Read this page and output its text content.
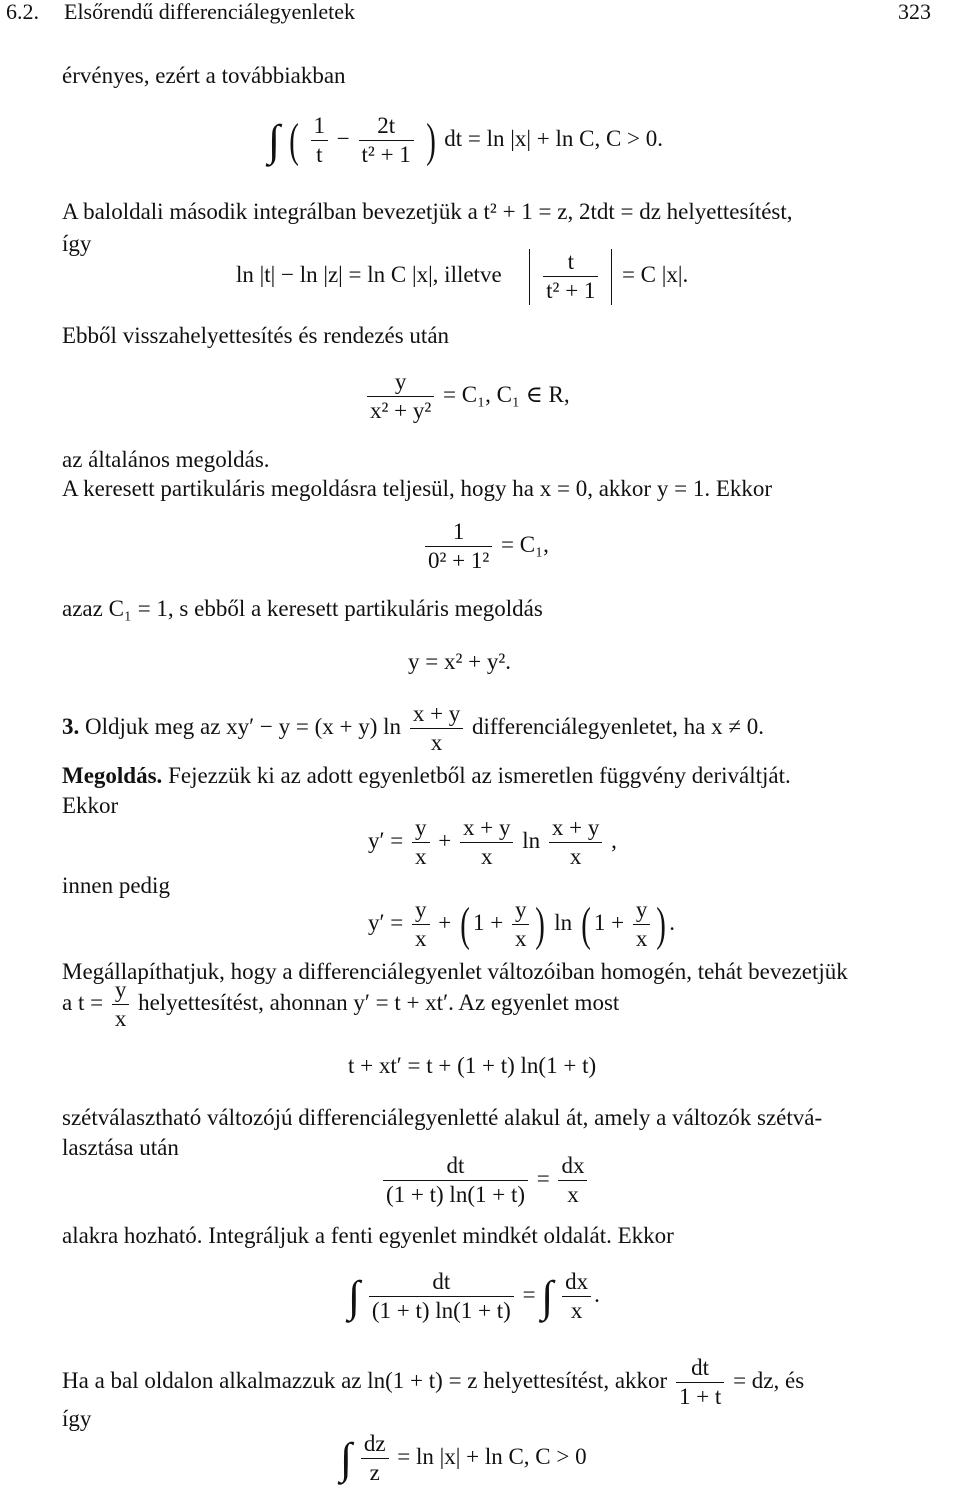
6.2. Elsőrendű differenciálegyenletek	323
érvényes, ezért a továbbiakban
∫ ( $\frac{1}{t} - \frac{2t}{\text{t² + 1}}$ ) dt = ln |x| + ln C, C > 0.
A baloldali második integrálban bevezetjük a t² + 1 = z, 2tdt = dz helyettesítést,
így
ln |t| − ln |z| = ln C |x|, illetve $\frac{t}{\text{t² + 1}} = C$ |x|.
Ebből visszahelyettesítés és rendezés után
$\frac{y}{\text{x² + y²}} = C_1$, C₁ ∈ R,
az általános megoldás.
A keresett partikuláris megoldásra teljesül, hogy ha x = 0, akkor y = 1. Ekkor
$\frac{1}{\text{0² + 1²}} = C_1$,
azaz C₁ = 1, s ebből a keresett partikuláris megoldás
y = x² + y².
3. Oldjuk meg az xy′ − y = (x + y) $\ln \frac{x + y}{x}$ differenciálegyenletet, ha x ≠ 0.
Megoldás. Fejezzük ki az adott egyenletből az ismeretlen függvény deriváltját.
Ekkor
$y' = \frac{y}{x} + \frac{x + y}{x}$ $\ln \frac{x + y}{x}$ ,
innen pedig
$y' = \frac{y}{x}$ + ( $1 + \frac{y}{x}$ ) ln ( $1 + \frac{y}{x}$ ) .
Megállapíthatjuk, hogy a differenciálegyenlet változóiban homogén, tehát bevezetjük
a $t = \frac{y}{x}$ helyettesítést, ahonnan y′ = t + xt′. Az egyenlet most
t + xt′ = t + (1 + t) ln(1 + t)
szétválasztható változójú differenciálegyenletté alakul át, amely a változók szétvá-
lasztása után
$\frac{dt}{(1 + t) \ln(1 + t)} = \frac{dx}{x}$
alakra hozható. Integráljuk a fenti egyenlet mindkét oldalát. Ekkor
∫ $\frac{dt}{(1 + t) \ln(1 + t)}$ = ∫ $\frac{dx}{x}$ .
Ha a bal oldalon alkalmazzuk az ln(1 + t) = z helyettesítést, akkor $\frac{dt}{1 + t}$ = dz, és
így
∫ $\frac{dz}{z} = \ln |x| + \ln C$, C > 0
